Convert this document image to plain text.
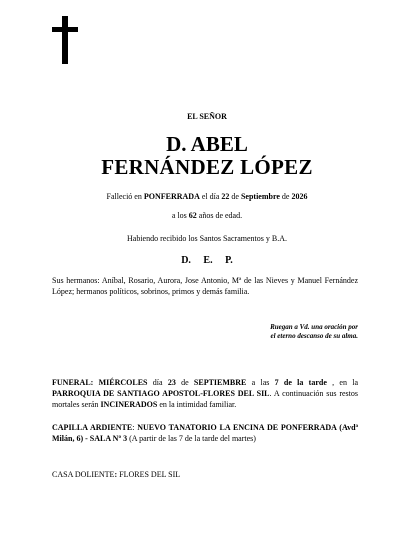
EL SEÑOR
D. ABEL
FERNÁNDEZ LÓPEZ
Falleció en PONFERRADA el día 22 de Septiembre de 2026
a los 62 años de edad.
Habiendo recibido los Santos Sacramentos y B.A.
D. E. P.
Sus hermanos: Aníbal, Rosario, Aurora, Jose Antonio, Mª de las Nieves y Manuel Fernández López; hermanos políticos, sobrinos, primos y demás familia.
Ruegan a Vd. una oración por
el eterno descanso de su alma.
FUNERAL: MIÉRCOLES día 23 de SEPTIEMBRE a las 7 de la tarde , en la PARROQUIA DE SANTIAGO APOSTOL-FLORES DEL SIL. A continuación sus restos mortales serán INCINERADOS en la intimidad familiar.
CAPILLA ARDIENTE: NUEVO TANATORIO LA ENCINA DE PONFERRADA (Avdª Milán, 6) - SALA Nº 3 (A partir de las 7 de la tarde del martes)
CASA DOLIENTE: FLORES DEL SIL
